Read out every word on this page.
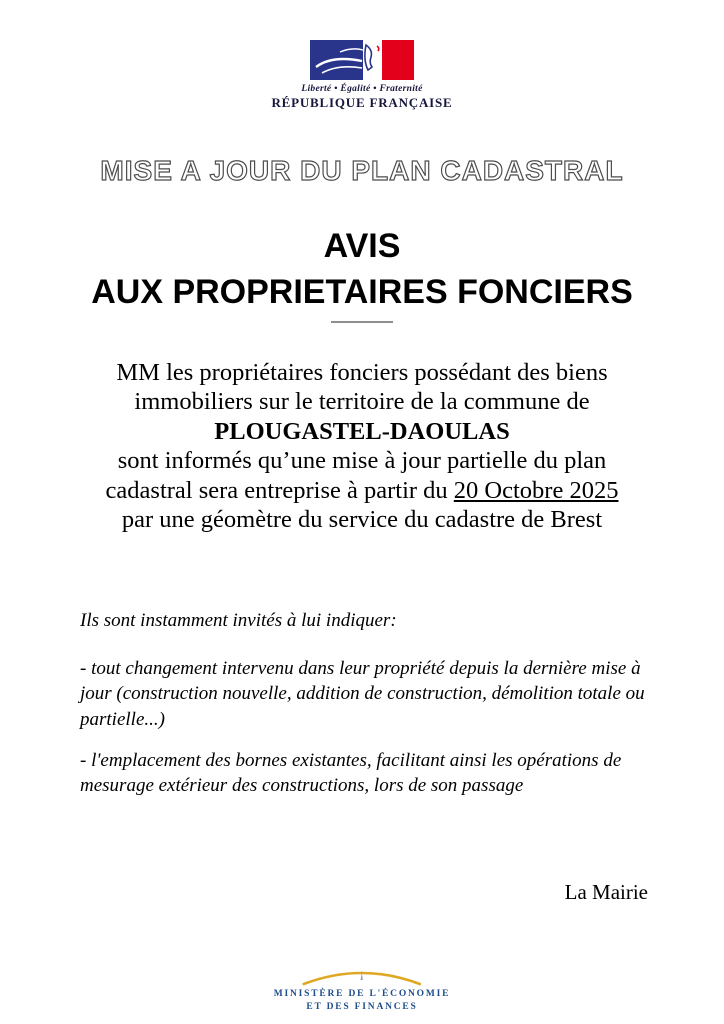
Liberté • Égalité • Fraternité
RÉPUBLIQUE FRANÇAISE
MISE A JOUR DU PLAN CADASTRAL
AVIS
AUX PROPRIETAIRES FONCIERS
MM les propriétaires fonciers possédant des biens
immobiliers sur le territoire de la commune de
PLOUGASTEL-DAOULAS
sont informés qu’une mise à jour partielle du plan
cadastral sera entreprise à partir du 20 Octobre 2025
par une géomètre du service du cadastre de Brest
Ils sont instamment invités à lui indiquer:
- tout changement intervenu dans leur propriété depuis la dernière mise à jour (construction nouvelle, addition de construction, démolition totale ou partielle...)
- l'emplacement des bornes existantes, facilitant ainsi les opérations de mesurage extérieur des constructions, lors de son passage
La Mairie
MINISTÈRE DE L'ÉCONOMIE
ET DES FINANCES
